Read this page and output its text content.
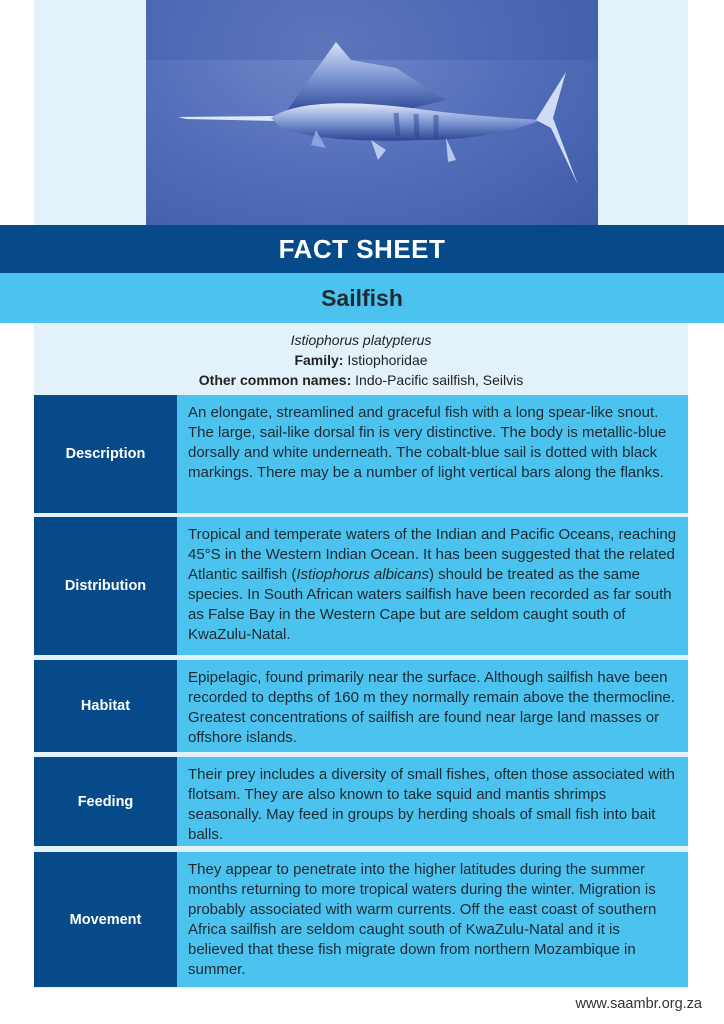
FACT SHEET
Sailfish
Istiophorus platypterus
Family: Istiophoridae
Other common names: Indo-Pacific sailfish, Seilvis
Description
An elongate, streamlined and graceful fish with a long spear-like snout. The large, sail-like dorsal fin is very distinctive. The body is metallic-blue dorsally and white underneath. The cobalt-blue sail is dotted with black markings. There may be a number of light vertical bars along the flanks.
Distribution
Tropical and temperate waters of the Indian and Pacific Oceans, reaching 45°S in the Western Indian Ocean. It has been suggested that the related Atlantic sailfish (Istiophorus albicans) should be treated as the same species. In South African waters sailfish have been recorded as far south as False Bay in the Western Cape but are seldom caught south of KwaZulu-Natal.
Habitat
Epipelagic, found primarily near the surface. Although sailfish have been recorded to depths of 160 m they normally remain above the thermocline. Greatest concentrations of sailfish are found near large land masses or offshore islands.
Feeding
Their prey includes a diversity of small fishes, often those associated with flotsam. They are also known to take squid and mantis shrimps seasonally. May feed in groups by herding shoals of small fish into bait balls.
Movement
They appear to penetrate into the higher latitudes during the summer months returning to more tropical waters during the winter. Migration is probably associated with warm currents. Off the east coast of southern Africa sailfish are seldom caught south of KwaZulu-Natal and it is believed that these fish migrate down from northern Mozambique in summer.
www.saambr.org.za
